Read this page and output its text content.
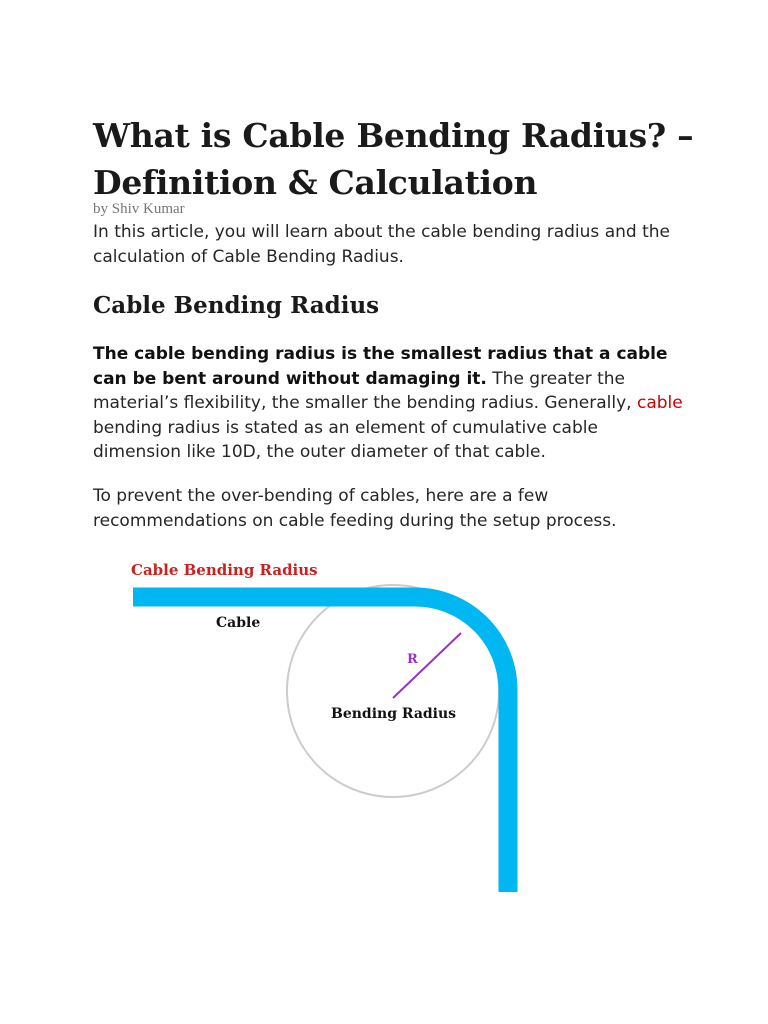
What is Cable Bending Radius? – Definition & Calculation

by Shiv Kumar

In this article, you will learn about the cable bending radius and the calculation of Cable Bending Radius.

Cable Bending Radius

The cable bending radius is the smallest radius that a cable can be bent around without damaging it. The greater the material’s flexibility, the smaller the bending radius. Generally, cable bending radius is stated as an element of cumulative cable dimension like 10D, the outer diameter of that cable.

To prevent the over-bending of cables, here are a few recommendations on cable feeding during the setup process.

Cable Bending Radius
Cable
R
Bending Radius
